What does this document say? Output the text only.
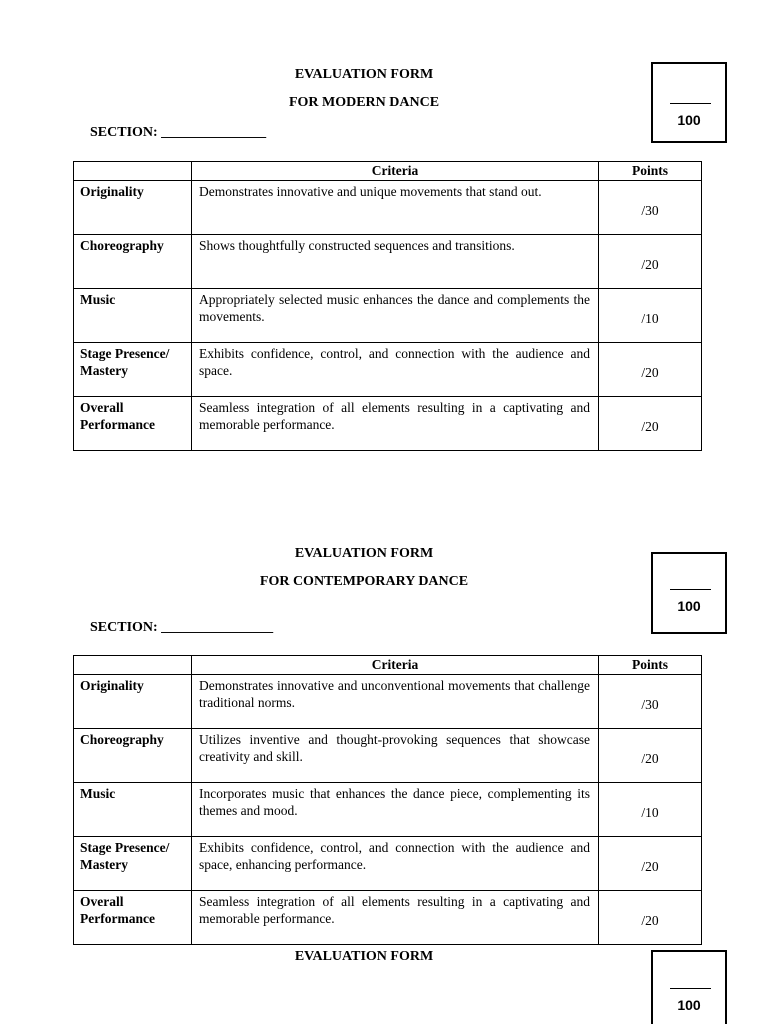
EVALUATION FORM
FOR MODERN DANCE
SECTION: _______________
100
	Criteria	Points
Originality	Demonstrates innovative and unique movements that stand out.	/30
Choreography	Shows thoughtfully constructed sequences and transitions.	/20
Music	Appropriately selected music enhances the dance and complements the movements.	/10
Stage Presence/ Mastery	Exhibits confidence, control, and connection with the audience and space.	/20
Overall Performance	Seamless integration of all elements resulting in a captivating and memorable performance.	/20
EVALUATION FORM
FOR CONTEMPORARY DANCE
SECTION: ________________
100
	Criteria	Points
Originality	Demonstrates innovative and unconventional movements that challenge traditional norms.	/30
Choreography	Utilizes inventive and thought-provoking sequences that showcase creativity and skill.	/20
Music	Incorporates music that enhances the dance piece, complementing its themes and mood.	/10
Stage Presence/ Mastery	Exhibits confidence, control, and connection with the audience and space, enhancing performance.	/20
Overall Performance	Seamless integration of all elements resulting in a captivating and memorable performance.	/20
EVALUATION FORM
100
